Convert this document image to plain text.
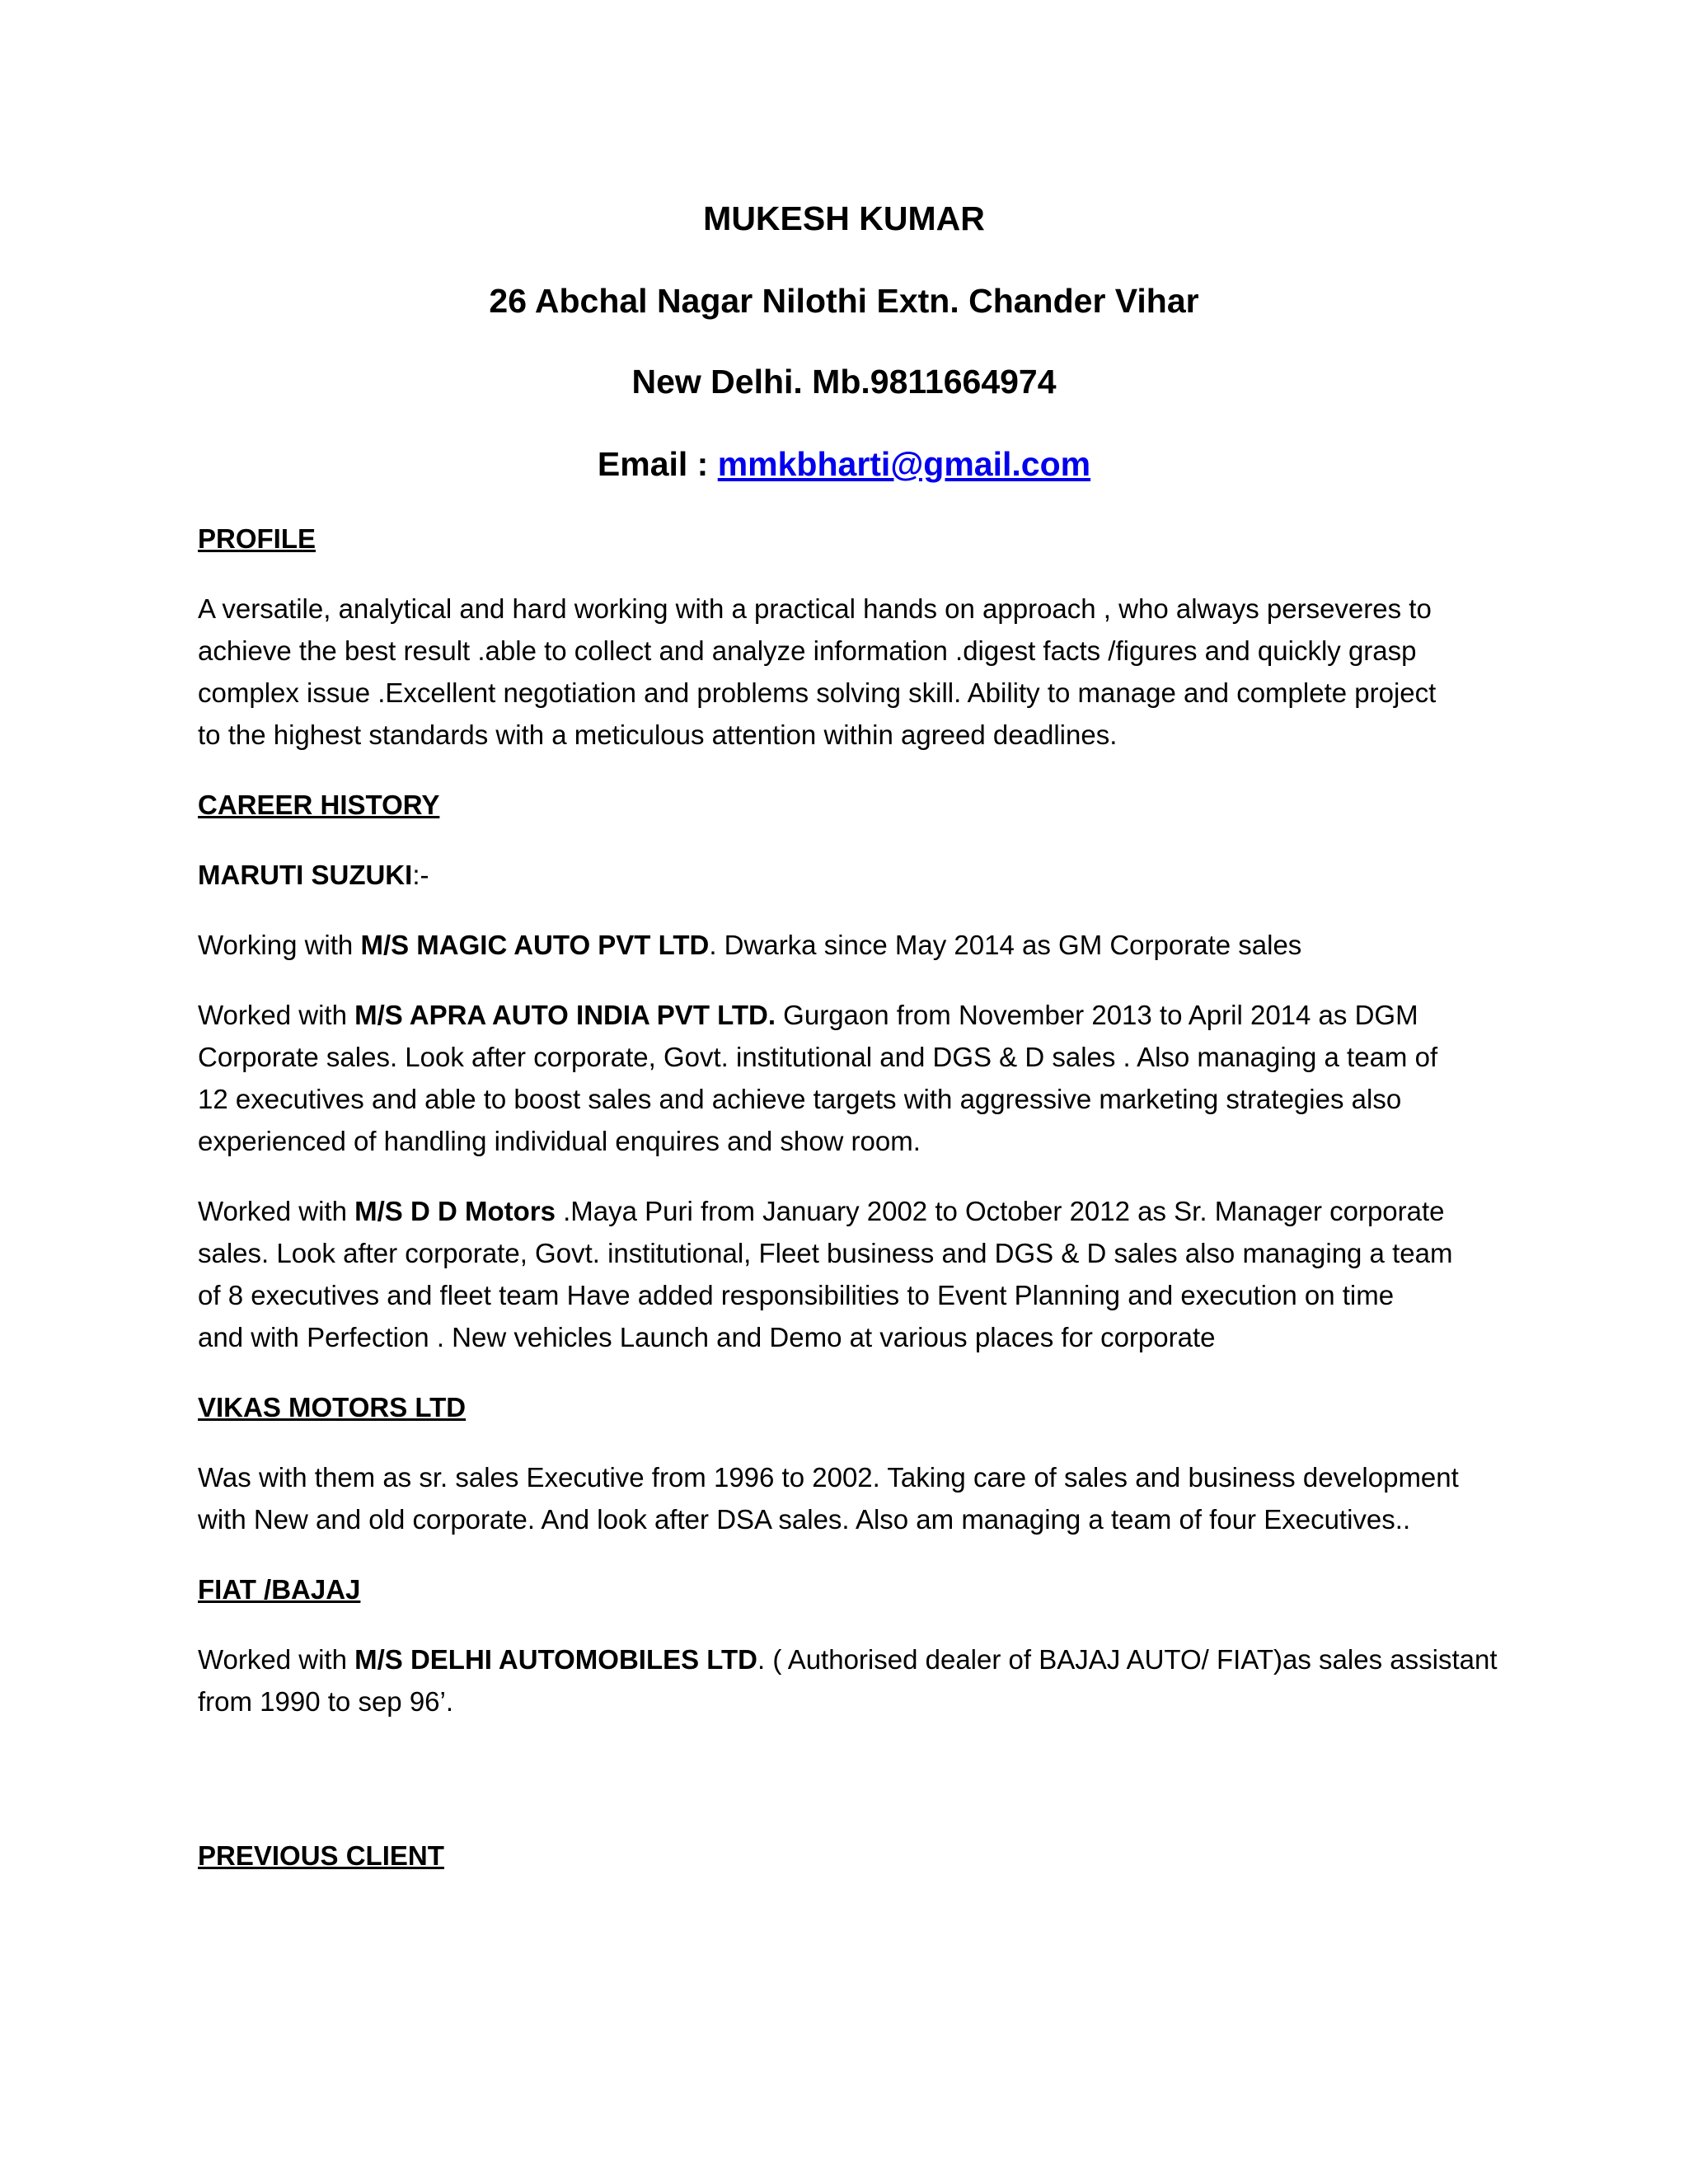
MUKESH KUMAR
26 Abchal Nagar Nilothi Extn. Chander Vihar
New Delhi. Mb.9811664974
Email : mmkbharti@gmail.com
PROFILE
A versatile, analytical and hard working with a practical hands on approach , who always perseveres to
achieve the best result .able to collect and analyze information .digest facts /figures and quickly grasp
complex issue .Excellent negotiation and problems solving skill. Ability to manage and complete project
to the highest standards with a meticulous attention within agreed deadlines.
CAREER HISTORY
MARUTI SUZUKI:-
Working with M/S MAGIC AUTO PVT LTD. Dwarka since May 2014 as GM Corporate sales
Worked with M/S APRA AUTO INDIA PVT LTD. Gurgaon from November 2013 to April 2014 as DGM
Corporate sales. Look after corporate, Govt. institutional and DGS & D sales . Also managing a team of
12 executives and able to boost sales and achieve targets with aggressive marketing strategies also
experienced of handling individual enquires and show room.
Worked with M/S D D Motors .Maya Puri from January 2002 to October 2012 as Sr. Manager corporate
sales. Look after corporate, Govt. institutional, Fleet business and DGS & D sales also managing a team
of 8 executives and fleet team Have added responsibilities to Event Planning and execution on time
and with Perfection . New vehicles Launch and Demo at various places for corporate
VIKAS MOTORS LTD
Was with them as sr. sales Executive from 1996 to 2002. Taking care of sales and business development
with New and old corporate. And look after DSA sales. Also am managing a team of four Executives..
FIAT /BAJAJ
Worked with M/S DELHI AUTOMOBILES LTD. ( Authorised dealer of BAJAJ AUTO/ FIAT)as sales assistant
from 1990 to sep 96’.
PREVIOUS CLIENT
